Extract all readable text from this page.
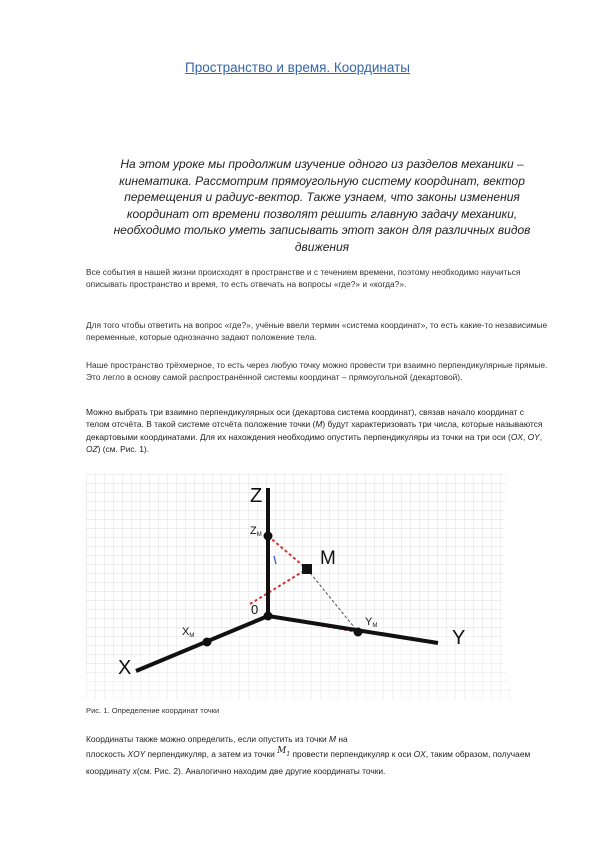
Пространство и время. Координаты
На этом уроке мы продолжим изучение одного из разделов механики – кинематика. Рассмотрим прямоугольную систему координат, вектор перемещения и радиус-вектор. Также узнаем, что законы изменения координат от времени позволят решить главную задачу механики, необходимо только уметь записывать этот закон для различных видов движения
Все события в нашей жизни происходят в пространстве и с течением времени, поэтому необходимо научиться описывать пространство и время, то есть отвечать на вопросы «где?» и «когда?».
Для того чтобы ответить на вопрос «где?», учёные ввели термин «система координат», то есть какие-то независимые переменные, которые однозначно задают положение тела.
Наше пространство трёхмерное, то есть через любую точку можно провести три взаимно перпендикулярные прямые. Это легло в основу самой распространённой системы координат – прямоугольной (декартовой).
Можно выбрать три взаимно перпендикулярных оси (декартова система координат), связав начало координат с телом отсчёта. В такой системе отсчёта положение точки (M) будут характеризовать три числа, которые называются декартовыми координатами. Для их нахождения необходимо опустить перпендикуляры из точки на три оси (OX, OY, OZ) (см. Рис. 1).
Z
Y
X
M
0
ZM
YM
XM
Рис. 1. Определение координат точки
Координаты также можно определить, если опустить из точки M на
плоскость XOY перпендикуляр, а затем из точки $M_1$ провести перпендикуляр к оси OX, таким образом, получаем координату x(см. Рис. 2). Аналогично находим две другие координаты точки.
